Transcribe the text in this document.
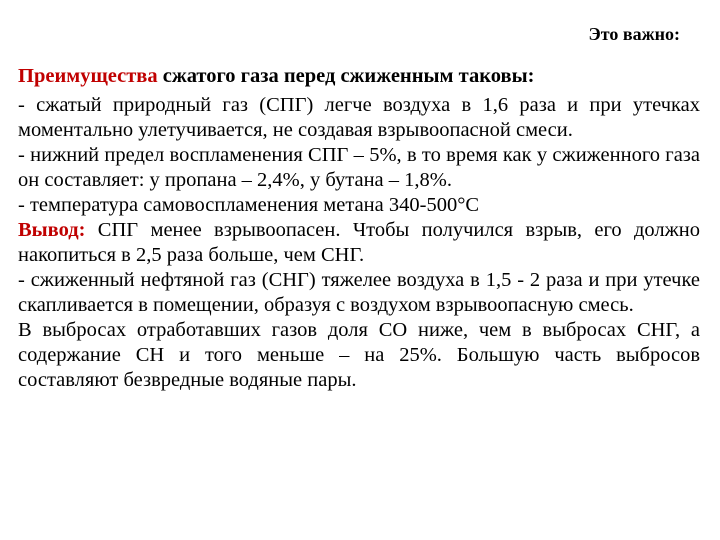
Это важно:

Преимущества сжатого газа перед сжиженным таковы:

- сжатый природный газ (СПГ) легче воздуха в 1,6 раза и при утечках моментально улетучивается, не создавая взрывоопасной смеси.

- нижний предел воспламенения СПГ – 5%, в то время как у сжиженного газа он составляет: у пропана – 2,4%, у бутана – 1,8%.

- температура самовоспламенения метана 340-500°С

Вывод: СПГ менее взрывоопасен. Чтобы получился взрыв, его должно накопиться в 2,5 раза больше, чем СНГ.

- сжиженный нефтяной газ (СНГ) тяжелее воздуха в 1,5 - 2 раза и при утечке скапливается в помещении, образуя с воздухом взрывоопасную смесь.

В выбросах отработавших газов доля СО ниже, чем в выбросах СНГ, а содержание СН и того меньше – на 25%. Большую часть выбросов составляют безвредные водяные пары.
